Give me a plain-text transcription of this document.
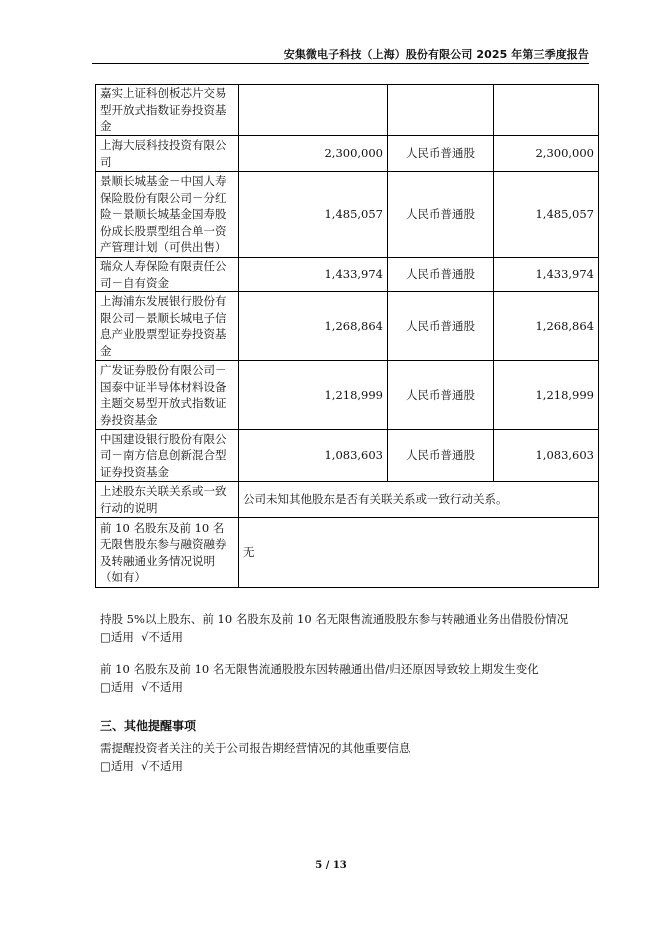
安集微电子科技（上海）股份有限公司 2025 年第三季度报告
嘉实上证科创板芯片交易型开放式指数证券投资基金			
上海大辰科技投资有限公司	2,300,000	人民币普通股	2,300,000
景顺长城基金－中国人寿保险股份有限公司－分红险－景顺长城基金国寿股份成长股票型组合单一资产管理计划（可供出售）	1,485,057	人民币普通股	1,485,057
瑞众人寿保险有限责任公司－自有资金	1,433,974	人民币普通股	1,433,974
上海浦东发展银行股份有限公司－景顺长城电子信息产业股票型证券投资基金	1,268,864	人民币普通股	1,268,864
广发证券股份有限公司－国泰中证半导体材料设备主题交易型开放式指数证券投资基金	1,218,999	人民币普通股	1,218,999
中国建设银行股份有限公司－南方信息创新混合型证券投资基金	1,083,603	人民币普通股	1,083,603
上述股东关联关系或一致行动的说明	公司未知其他股东是否有关联关系或一致行动关系。		
前 10 名股东及前 10 名无限售股东参与融资融券及转融通业务情况说明（如有）	无		
持股 5%以上股东、前 10 名股东及前 10 名无限售流通股股东参与转融通业务出借股份情况
□适用  √不适用
前 10 名股东及前 10 名无限售流通股股东因转融通出借/归还原因导致较上期发生变化
□适用  √不适用
三、其他提醒事项
需提醒投资者关注的关于公司报告期经营情况的其他重要信息
□适用  √不适用
5 / 13
